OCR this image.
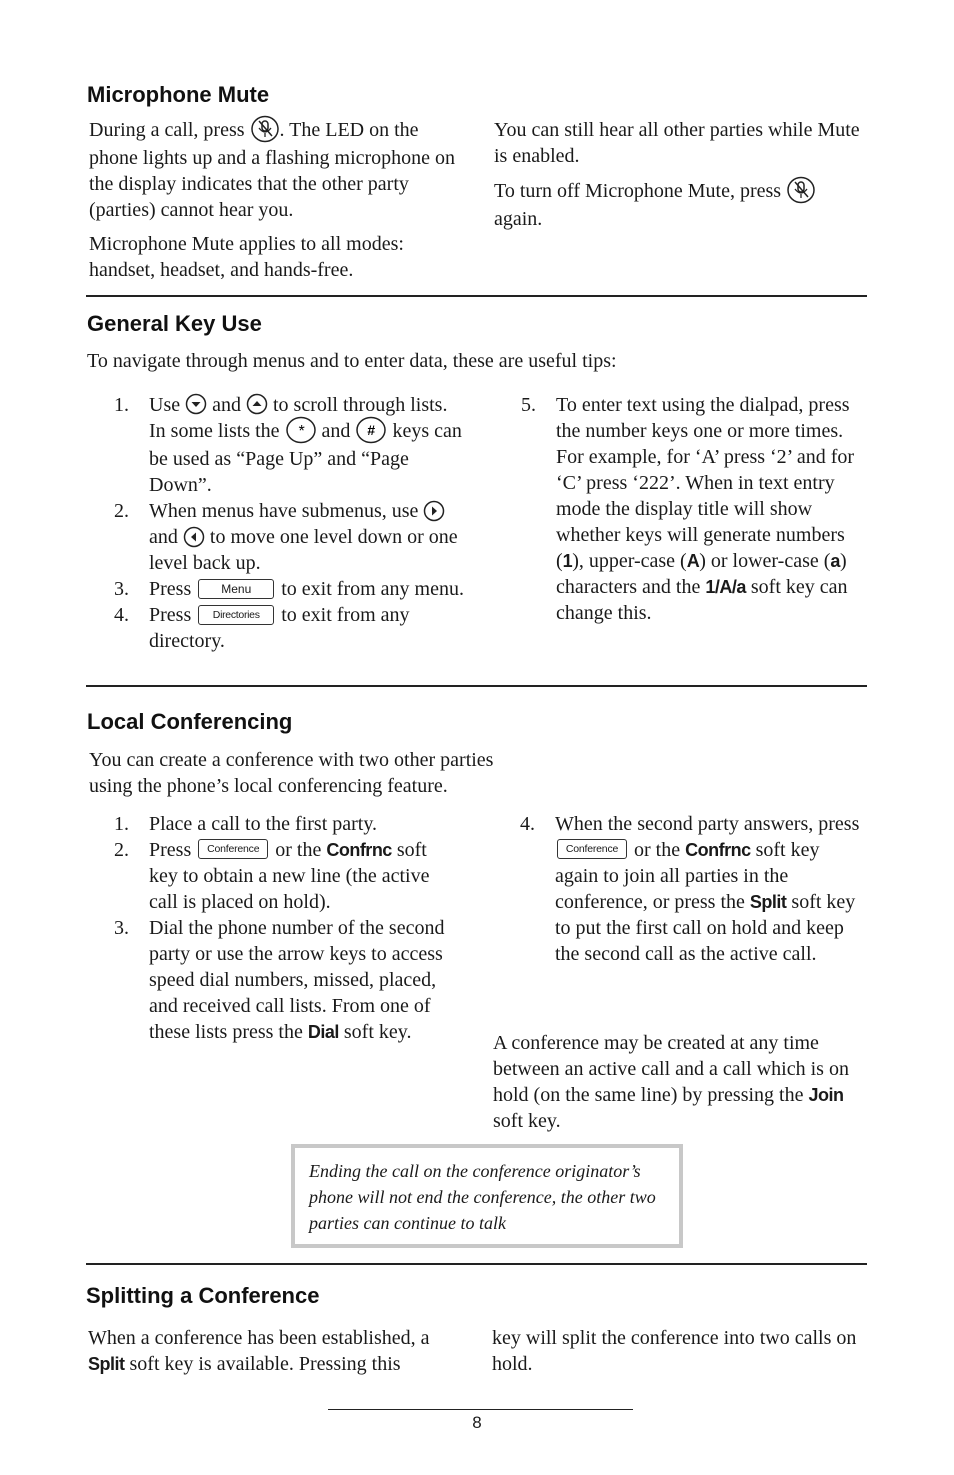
Microphone Mute

During a call, press . The LED on the phone lights up and a flashing microphone on the display indicates that the other party (parties) cannot hear you.

Microphone Mute applies to all modes: handset, headset, and hands-free.

You can still hear all other parties while Mute is enabled.

To turn off Microphone Mute, press
again.

General Key Use

To navigate through menus and to enter data, these are useful tips:

1. Use and to scroll through lists. In some lists the * and # keys can be used as “Page Up” and “Page Down”.
2. When menus have submenus, use  and to move one level down or one level back up.
3. Press Menu to exit from any menu.
4. Press Directories to exit from any directory.
5. To enter text using the dialpad, press the number keys one or more times. For example, for ‘A’ press ‘2’ and for ‘C’ press ‘222’. When in text entry mode the display title will show whether keys will generate numbers (1), upper-case (A) or lower-case (a) characters and the 1/A/a soft key can change this.
Local Conferencing

You can create a conference with two other parties using the phone’s local conferencing feature.

1. Place a call to the first party.
2. Press Conference or the Confrnc soft key to obtain a new line (the active call is placed on hold).
3. Dial the phone number of the second party or use the arrow keys to access speed dial numbers, missed, placed, and received call lists. From one of these lists press the Dial soft key.
4. When the second party answers, press Conference or the Confrnc soft key again to join all parties in the conference, or press the Split soft key to put the first call on hold and keep the second call as the active call.

A conference may be created at any time between an active call and a call which is on hold (on the same line) by pressing the Join soft key.

Ending the call on the conference originator’s phone will not end the conference, the other two parties can continue to talk
Splitting a Conference

When a conference has been established, a Split soft key is available. Pressing this

key will split the conference into two calls on hold.

8
